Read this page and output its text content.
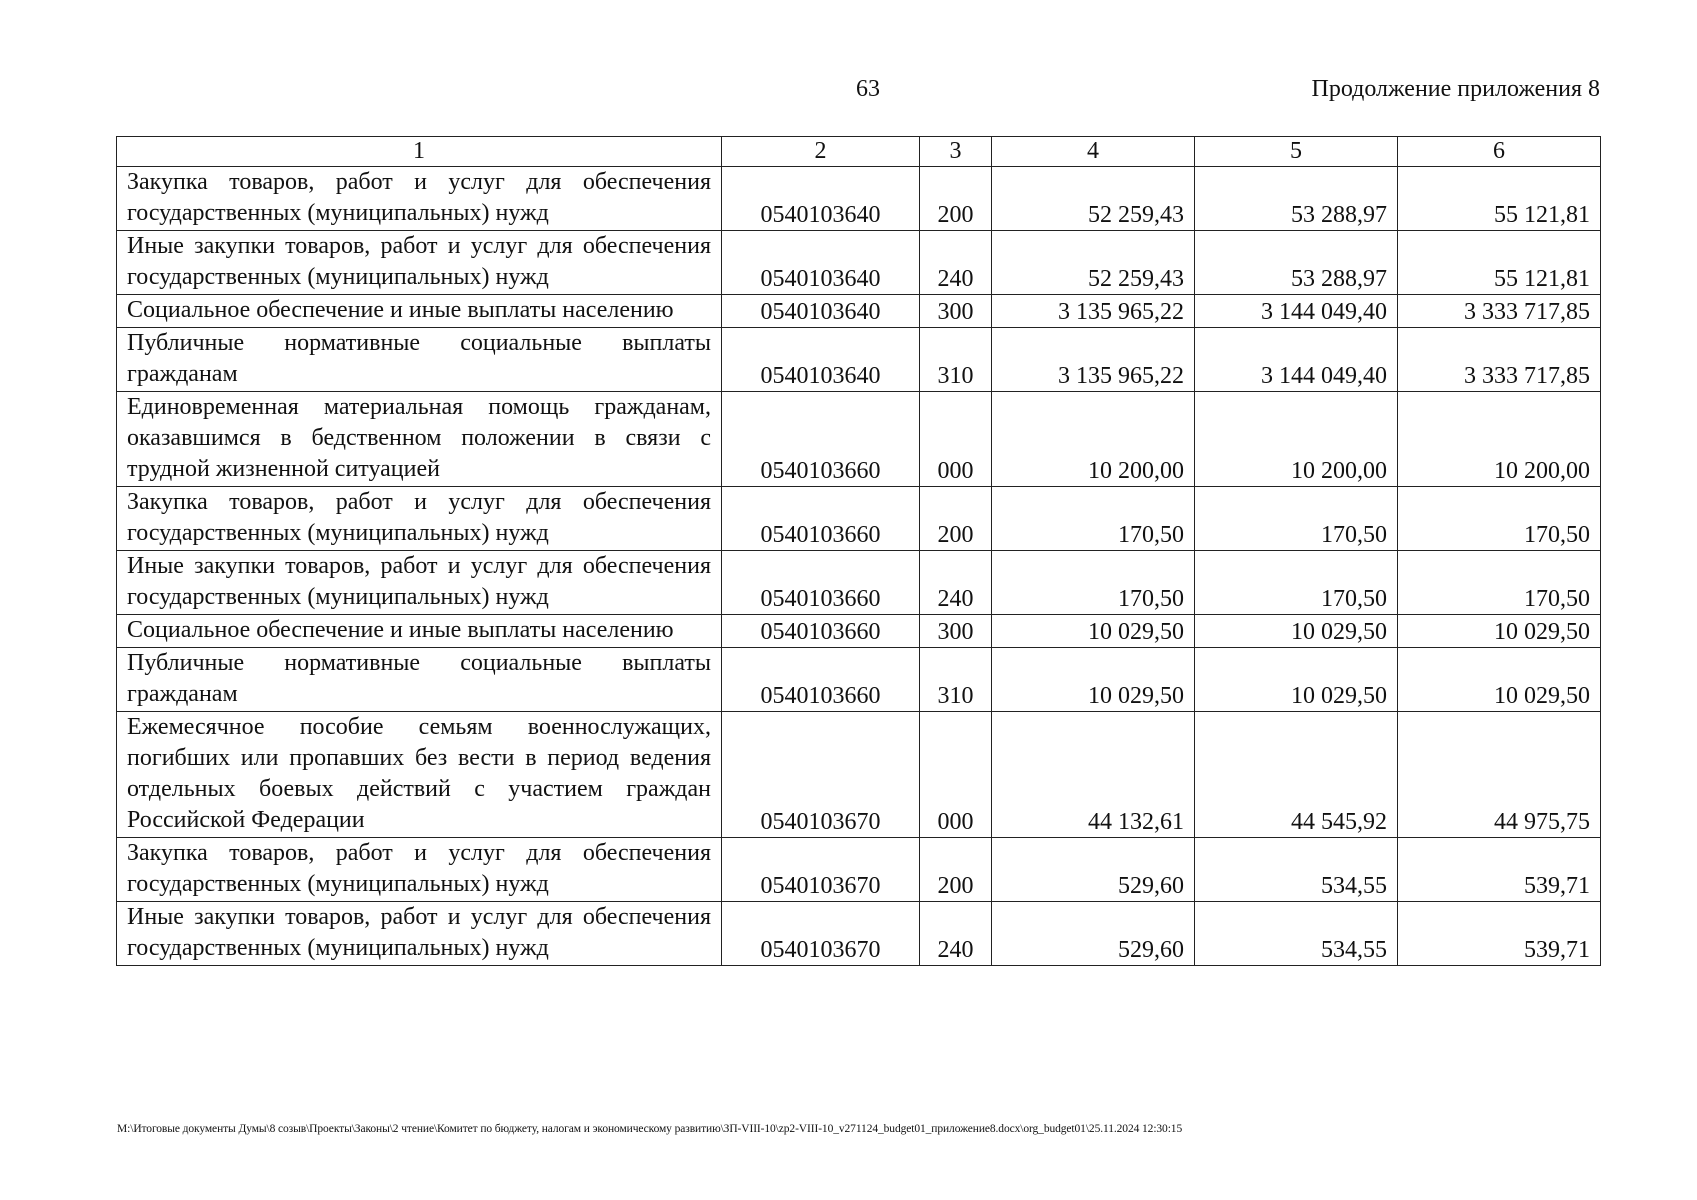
63	Продолжение приложения 8
1	2	3	4	5	6
Закупка товаров, работ и услуг для обеспечения государственных (муниципальных) нужд	0540103640	200	52 259,43	53 288,97	55 121,81
Иные закупки товаров, работ и услуг для обеспечения государственных (муниципальных) нужд	0540103640	240	52 259,43	53 288,97	55 121,81
Социальное обеспечение и иные выплаты населению	0540103640	300	3 135 965,22	3 144 049,40	3 333 717,85
Публичные нормативные социальные выплаты гражданам	0540103640	310	3 135 965,22	3 144 049,40	3 333 717,85
Единовременная материальная помощь гражданам, оказавшимся в бедственном положении в связи с трудной жизненной ситуацией	0540103660	000	10 200,00	10 200,00	10 200,00
Закупка товаров, работ и услуг для обеспечения государственных (муниципальных) нужд	0540103660	200	170,50	170,50	170,50
Иные закупки товаров, работ и услуг для обеспечения государственных (муниципальных) нужд	0540103660	240	170,50	170,50	170,50
Социальное обеспечение и иные выплаты населению	0540103660	300	10 029,50	10 029,50	10 029,50
Публичные нормативные социальные выплаты гражданам	0540103660	310	10 029,50	10 029,50	10 029,50
Ежемесячное пособие семьям военнослужащих, погибших или пропавших без вести в период ведения отдельных боевых действий с участием граждан Российской Федерации	0540103670	000	44 132,61	44 545,92	44 975,75
Закупка товаров, работ и услуг для обеспечения государственных (муниципальных) нужд	0540103670	200	529,60	534,55	539,71
Иные закупки товаров, работ и услуг для обеспечения государственных (муниципальных) нужд	0540103670	240	529,60	534,55	539,71
M:\Итоговые документы Думы\8 созыв\Проекты\Законы\2 чтение\Комитет по бюджету, налогам и экономическому развитию\ЗП-VIII-10\zp2-VIII-10_v271124_budget01_приложение8.docx\org_budget01\25.11.2024 12:30:15
